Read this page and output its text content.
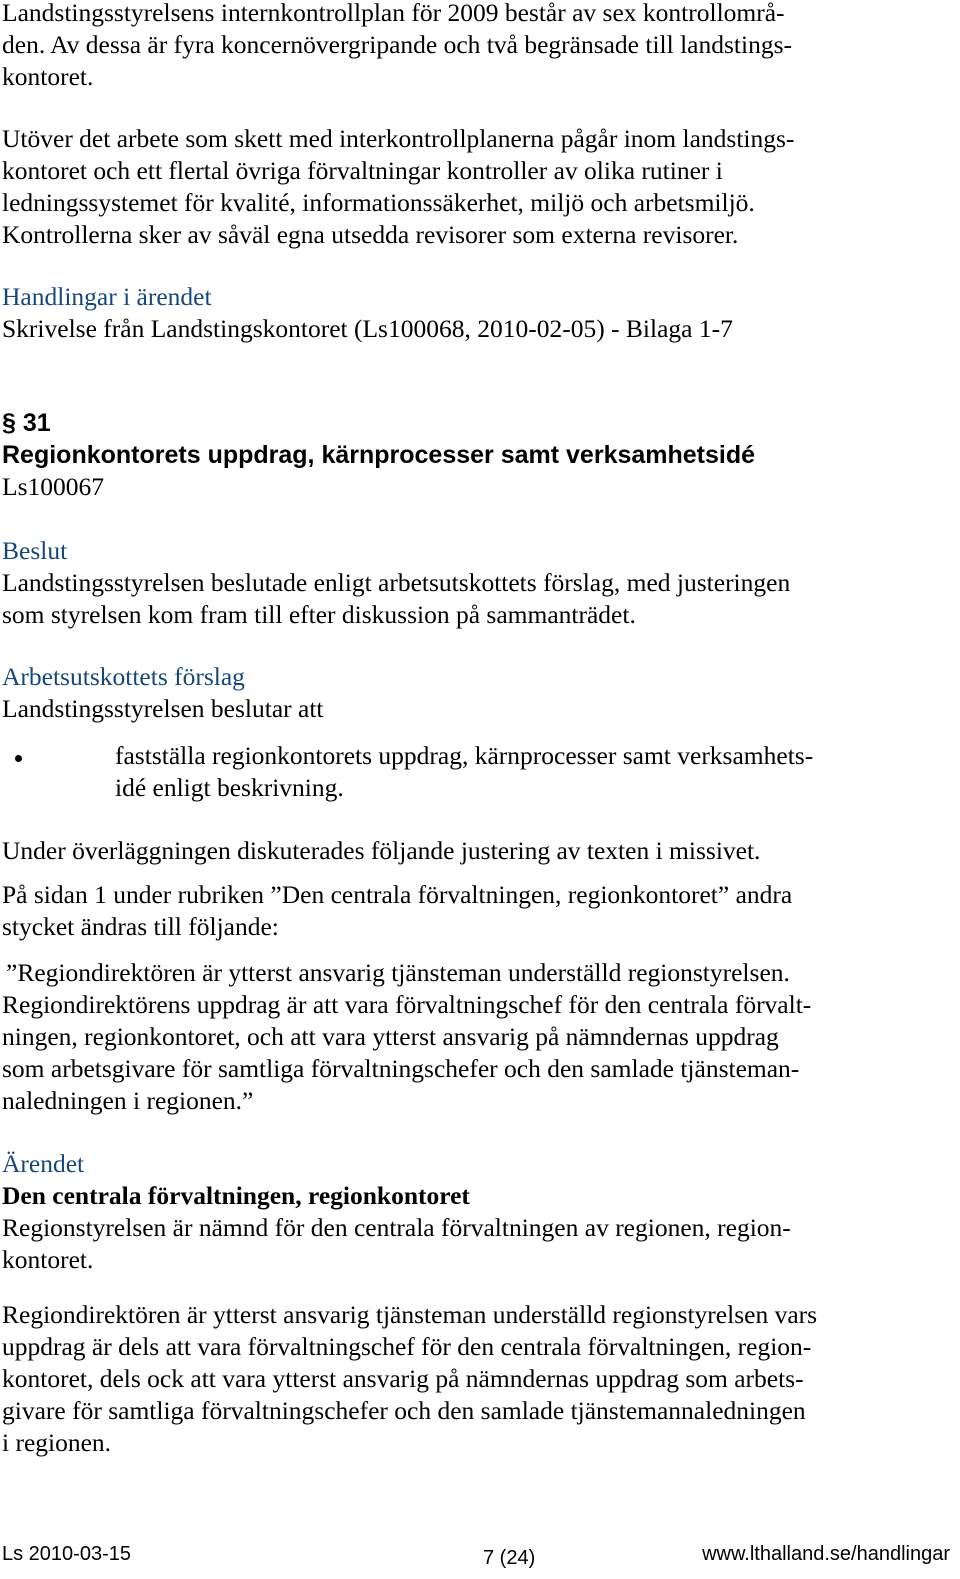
Landstingsstyrelsens internkontrollplan för 2009 består av sex kontrollområ-
den. Av dessa är fyra koncernövergripande och två begränsade till landstings-
kontoret.
Utöver det arbete som skett med interkontrollplanerna pågår inom landstings-
kontoret och ett flertal övriga förvaltningar kontroller av olika rutiner i
ledningssystemet för kvalité, informationssäkerhet, miljö och arbetsmiljö.
Kontrollerna sker av såväl egna utsedda revisorer som externa revisorer.
Handlingar i ärendet
Skrivelse från Landstingskontoret (Ls100068, 2010-02-05) - Bilaga 1-7
§ 31
Regionkontorets uppdrag, kärnprocesser samt verksamhetsidé
Ls100067
Beslut
Landstingsstyrelsen beslutade enligt arbetsutskottets förslag, med justeringen
som styrelsen kom fram till efter diskussion på sammanträdet.
Arbetsutskottets förslag
Landstingsstyrelsen beslutar att
fastställa regionkontorets uppdrag, kärnprocesser samt verksamhets-
idé enligt beskrivning.
Under överläggningen diskuterades följande justering av texten i missivet.
På sidan 1 under rubriken ”Den centrala förvaltningen, regionkontoret” andra
stycket ändras till följande:
”Regiondirektören är ytterst ansvarig tjänsteman underställd regionstyrelsen.
Regiondirektörens uppdrag är att vara förvaltningschef för den centrala förvalt-
ningen, regionkontoret, och att vara ytterst ansvarig på nämndernas uppdrag
som arbetsgivare för samtliga förvaltningschefer och den samlade tjänsteman-
naledningen i regionen.”
Ärendet
Den centrala förvaltningen, regionkontoret
Regionstyrelsen är nämnd för den centrala förvaltningen av regionen, region-
kontoret.
Regiondirektören är ytterst ansvarig tjänsteman underställd regionstyrelsen vars
uppdrag är dels att vara förvaltningschef för den centrala förvaltningen, region-
kontoret, dels ock att vara ytterst ansvarig på nämndernas uppdrag som arbets-
givare för samtliga förvaltningschefer och den samlade tjänstemannaledningen
i regionen.
Ls 2010-03-15	7 (24)	www.lthalland.se/handlingar
